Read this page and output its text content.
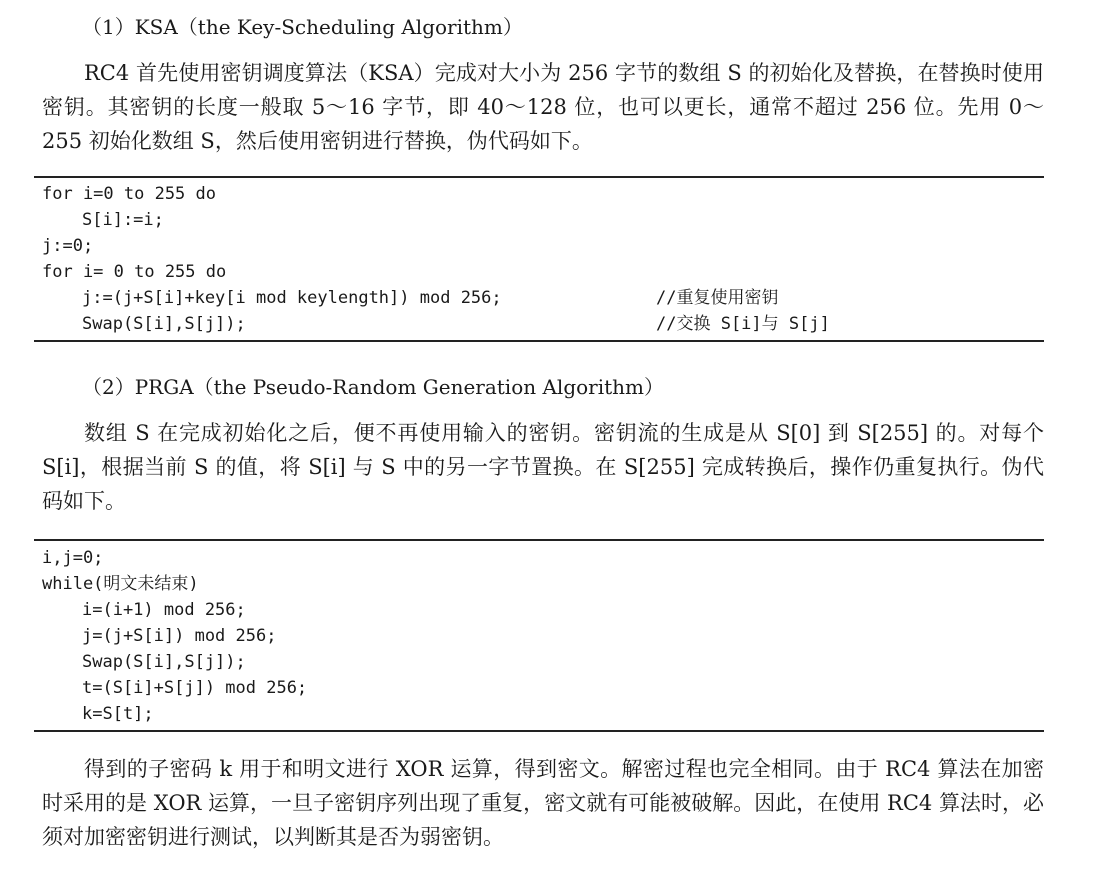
（1）KSA（the Key-Scheduling Algorithm）
RC4 首先使用密钥调度算法（KSA）完成对大小为 256 字节的数组 S 的初始化及替换，在替换时使用密钥。其密钥的长度一般取 5～16 字节，即 40～128 位，也可以更长，通常不超过 256 位。先用 0～255 初始化数组 S，然后使用密钥进行替换，伪代码如下。
for i=0 to 255 do
S[i]:=i;
j:=0;
for i= 0 to 255 do
j:=(j+S[i]+key[i mod keylength]) mod 256;	//重复使用密钥
Swap(S[i],S[j]);	//交换 S[i]与 S[j]
（2）PRGA（the Pseudo-Random Generation Algorithm）
数组 S 在完成初始化之后，便不再使用输入的密钥。密钥流的生成是从 S[0] 到 S[255] 的。对每个 S[i]，根据当前 S 的值，将 S[i] 与 S 中的另一字节置换。在 S[255] 完成转换后，操作仍重复执行。伪代码如下。
i,j=0;
while(明文未结束)
i=(i+1) mod 256;
j=(j+S[i]) mod 256;
Swap(S[i],S[j]);
t=(S[i]+S[j]) mod 256;
k=S[t];
得到的子密码 k 用于和明文进行 XOR 运算，得到密文。解密过程也完全相同。由于 RC4 算法在加密时采用的是 XOR 运算，一旦子密钥序列出现了重复，密文就有可能被破解。因此，在使用 RC4 算法时，必须对加密密钥进行测试，以判断其是否为弱密钥。
